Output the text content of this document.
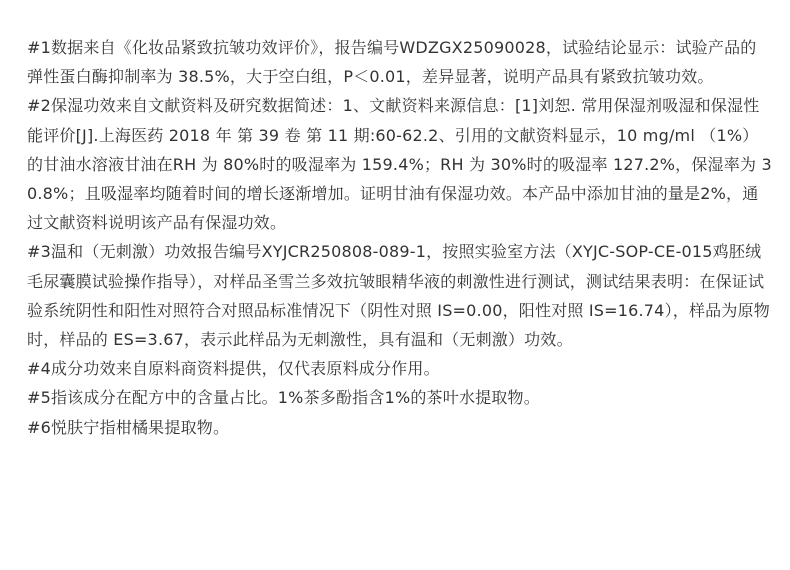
#1数据来自《化妆品紧致抗皱功效评价》，报告编号WDZGX25090028，试验结论显示：试验产品的弹性蛋白酶抑制率为 38.5%，大于空白组，P＜0.01，差异显著，说明产品具有紧致抗皱功效。

#2保湿功效来自文献资料及研究数据简述：1、文献资料来源信息：[1]刘恕. 常用保湿剂吸湿和保湿性能评价[J].上海医药 2018 年 第 39 卷 第 11 期:60-62.2、引用的文献资料显示，10 mg/ml （1%）的甘油水溶液甘油在RH 为 80%时的吸湿率为 159.4%；RH 为 30%时的吸湿率 127.2%，保湿率为 30.8%；且吸湿率均随着时间的增长逐渐增加。证明甘油有保湿功效。本产品中添加甘油的量是2%，通过文献资料说明该产品有保湿功效。

#3温和（无刺激）功效报告编号XYJCR250808-089-1，按照实验室方法（XYJC-SOP-CE-015鸡胚绒毛尿囊膜试验操作指导），对样品圣雪兰多效抗皱眼精华液的刺激性进行测试，测试结果表明：在保证试验系统阴性和阳性对照符合对照品标准情况下（阴性对照 IS=0.00，阳性对照 IS=16.74），样品为原物时，样品的 ES=3.67，表示此样品为无刺激性，具有温和（无刺激）功效。

#4成分功效来自原料商资料提供，仅代表原料成分作用。

#5指该成分在配方中的含量占比。1%茶多酚指含1%的茶叶水提取物。

#6悦肤宁指柑橘果提取物。
